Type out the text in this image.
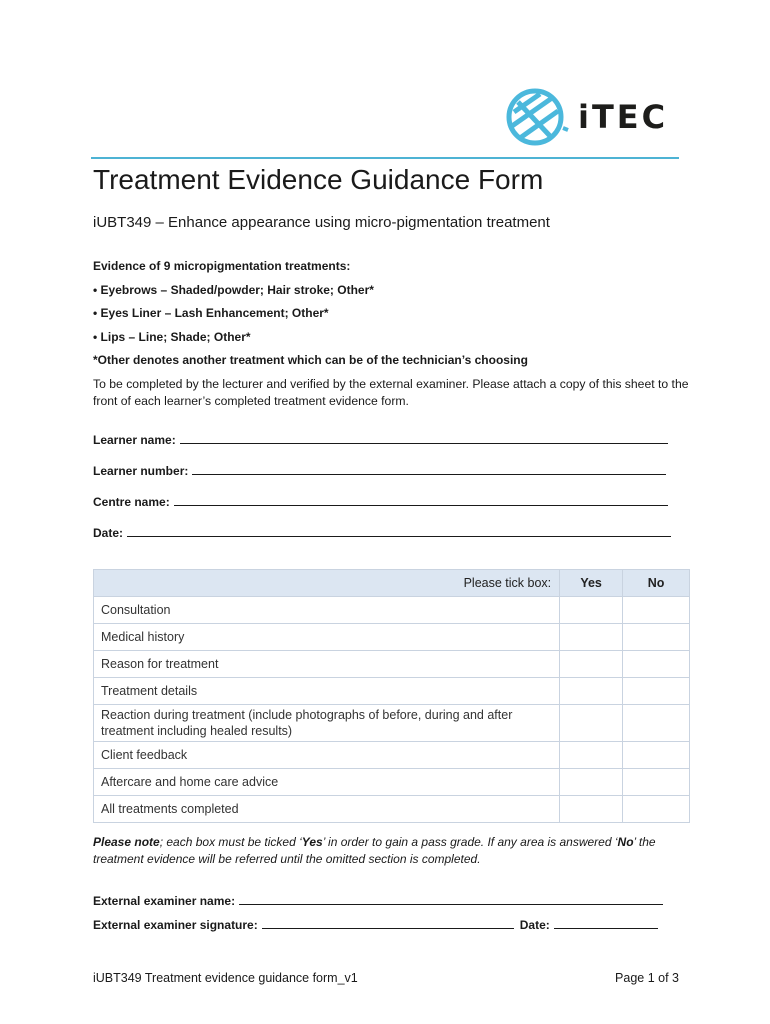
iTEC
Treatment Evidence Guidance Form
iUBT349 – Enhance appearance using micro-pigmentation treatment
Evidence of 9 micropigmentation treatments:
• Eyebrows – Shaded/powder; Hair stroke; Other*
• Eyes Liner – Lash Enhancement; Other*
• Lips – Line; Shade; Other*
*Other denotes another treatment which can be of the technician’s choosing
To be completed by the lecturer and verified by the external examiner. Please attach a copy of this sheet to the front of each learner’s completed treatment evidence form.
Learner name:
Learner number:
Centre name:
Date:
Please tick box:	Yes	No
Consultation		
Medical history		
Reason for treatment		
Treatment details		
Reaction during treatment (include photographs of before, during and after treatment including healed results)		
Client feedback		
Aftercare and home care advice		
All treatments completed		
Please note; each box must be ticked ‘Yes’ in order to gain a pass grade. If any area is answered ‘No’ the treatment evidence will be referred until the omitted section is completed.
External examiner name:
External examiner signature:	Date:
iUBT349 Treatment evidence guidance form_v1	Page 1 of 3
